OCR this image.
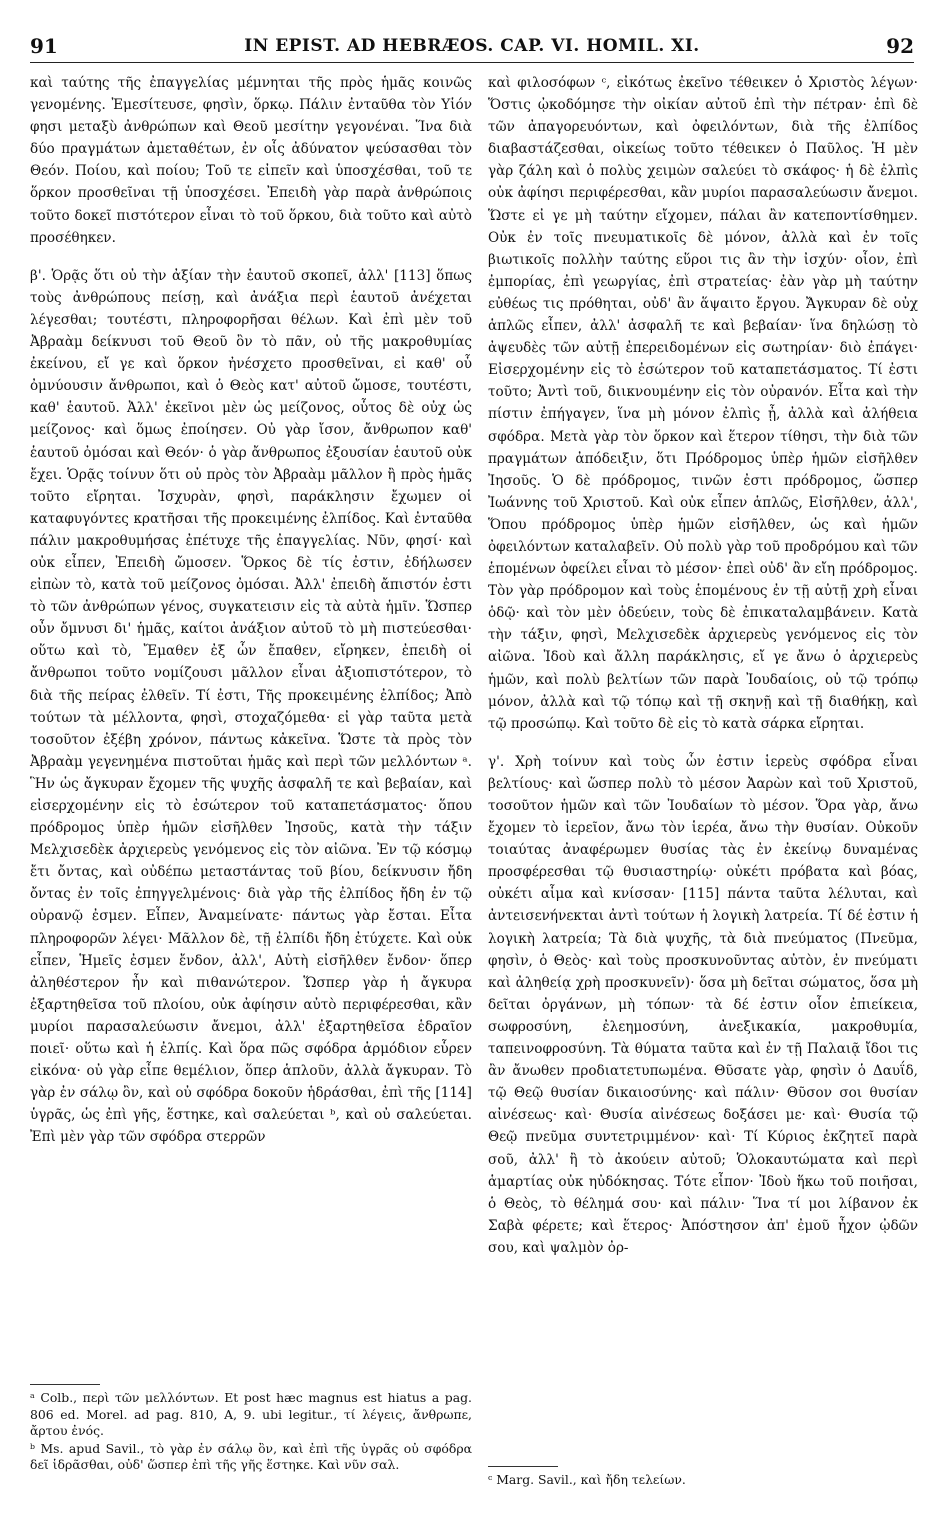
91	IN EPIST. AD HEBRÆOS. CAP. VI. HOMIL. XI.	92

καὶ ταύτης τῆς ἐπαγγελίας μέμνηται τῆς πρὸς ἡμᾶς κοινῶς γενομένης. Ἐμεσίτευσε, φησὶν, ὅρκῳ. Πάλιν ἐνταῦθα τὸν Υἱόν φησι μεταξὺ ἀνθρώπων καὶ Θεοῦ μεσίτην γεγονέναι. Ἵνα διὰ δύο πραγμάτων ἀμεταθέτων, ἐν οἷς ἀδύνατον ψεύσασθαι τὸν Θεόν. Ποίου, καὶ ποίου; Τοῦ τε εἰπεῖν καὶ ὑποσχέσθαι, τοῦ τε ὅρκον προσθεῖναι τῇ ὑποσχέσει. Ἐπειδὴ γὰρ παρὰ ἀνθρώποις τοῦτο δοκεῖ πιστότερον εἶναι τὸ τοῦ ὅρκου, διὰ τοῦτο καὶ αὐτὸ προσέθηκεν.

β'. Ὁρᾷς ὅτι οὐ τὴν ἀξίαν τὴν ἑαυτοῦ σκοπεῖ, ἀλλ' [113] ὅπως τοὺς ἀνθρώπους πείσῃ, καὶ ἀνάξια περὶ ἑαυτοῦ ἀνέχεται λέγεσθαι; τουτέστι, πληροφορῆσαι θέλων. Καὶ ἐπὶ μὲν τοῦ Ἀβραὰμ δείκνυσι τοῦ Θεοῦ ὂν τὸ πᾶν, οὐ τῆς μακροθυμίας ἐκείνου, εἴ γε καὶ ὅρκον ἠνέσχετο προσθεῖναι, εἰ καθ' οὗ ὀμνύουσιν ἄνθρωποι, καὶ ὁ Θεὸς κατ' αὐτοῦ ὤμοσε, τουτέστι, καθ' ἑαυτοῦ. Ἀλλ' ἐκεῖνοι μὲν ὡς μείζονος, οὗτος δὲ οὐχ ὡς μείζονος· καὶ ὅμως ἐποίησεν. Οὐ γὰρ ἴσον, ἄνθρωπον καθ' ἑαυτοῦ ὀμόσαι καὶ Θεόν· ὁ γὰρ ἄνθρωπος ἐξουσίαν ἑαυτοῦ οὐκ ἔχει. Ὁρᾷς τοίνυν ὅτι οὐ πρὸς τὸν Ἀβραὰμ μᾶλλον ἢ πρὸς ἡμᾶς τοῦτο εἴρηται. Ἰσχυρὰν, φησὶ, παράκλησιν ἔχωμεν οἱ καταφυγόντες κρατῆσαι τῆς προκειμένης ἐλπίδος. Καὶ ἐνταῦθα πάλιν μακροθυμήσας ἐπέτυχε τῆς ἐπαγγελίας. Νῦν, φησί· καὶ οὐκ εἶπεν, Ἐπειδὴ ὤμοσεν. Ὅρκος δὲ τίς ἐστιν, ἐδήλωσεν εἰπὼν τὸ, κατὰ τοῦ μείζονος ὀμόσαι. Ἀλλ' ἐπειδὴ ἄπιστόν ἐστι τὸ τῶν ἀνθρώπων γένος, συγκατεισιν εἰς τὰ αὐτὰ ἡμῖν. Ὥσπερ οὖν ὄμνυσι δι' ἡμᾶς, καίτοι ἀνάξιον αὐτοῦ τὸ μὴ πιστεύεσθαι· οὕτω καὶ τὸ, Ἔμαθεν ἐξ ὧν ἔπαθεν, εἴρηκεν, ἐπειδὴ οἱ ἄνθρωποι τοῦτο νομίζουσι μᾶλλον εἶναι ἀξιοπιστότερον, τὸ διὰ τῆς πείρας ἐλθεῖν. Τί ἐστι, Τῆς προκειμένης ἐλπίδος; Ἀπὸ τούτων τὰ μέλλοντα, φησὶ, στοχαζόμεθα· εἰ γὰρ ταῦτα μετὰ τοσοῦτον ἐξέβη χρόνον, πάντως κἀκεῖνα. Ὥστε τὰ πρὸς τὸν Ἀβραὰμ γεγενημένα πιστοῦται ἡμᾶς καὶ περὶ τῶν μελλόντων ᵃ. Ἣν ὡς ἄγκυραν ἔχομεν τῆς ψυχῆς ἀσφαλῆ τε καὶ βεβαίαν, καὶ εἰσερχομένην εἰς τὸ ἐσώτερον τοῦ καταπετάσματος· ὅπου πρόδρομος ὑπὲρ ἡμῶν εἰσῆλθεν Ἰησοῦς, κατὰ τὴν τάξιν Μελχισεδὲκ ἀρχιερεὺς γενόμενος εἰς τὸν αἰῶνα. Ἐν τῷ κόσμῳ ἔτι ὄντας, καὶ οὐδέπω μεταστάντας τοῦ βίου, δείκνυσιν ἤδη ὄντας ἐν τοῖς ἐπηγγελμένοις· διὰ γὰρ τῆς ἐλπίδος ἤδη ἐν τῷ οὐρανῷ ἐσμεν. Εἶπεν, Ἀναμείνατε· πάντως γὰρ ἔσται. Εἶτα πληροφορῶν λέγει· Μᾶλλον δὲ, τῇ ἐλπίδι ἤδη ἐτύχετε. Καὶ οὐκ εἶπεν, Ἡμεῖς ἐσμεν ἔνδον, ἀλλ', Αὐτὴ εἰσῆλθεν ἔνδον· ὅπερ ἀληθέστερον ἦν καὶ πιθανώτερον. Ὥσπερ γὰρ ἡ ἄγκυρα ἐξαρτηθεῖσα τοῦ πλοίου, οὐκ ἀφίησιν αὐτὸ περιφέρεσθαι, κἂν μυρίοι παρασαλεύωσιν ἄνεμοι, ἀλλ' ἐξαρτηθεῖσα ἑδραῖον ποιεῖ· οὕτω καὶ ἡ ἐλπίς. Καὶ ὅρα πῶς σφόδρα ἁρμόδιον εὗρεν εἰκόνα· οὐ γὰρ εἶπε θεμέλιον, ὅπερ ἁπλοῦν, ἀλλὰ ἄγκυραν. Τὸ γὰρ ἐν σάλῳ ὂν, καὶ οὐ σφόδρα δοκοῦν ἡδράσθαι, ἐπὶ τῆς [114] ὑγρᾶς, ὡς ἐπὶ γῆς, ἕστηκε, καὶ σαλεύεται ᵇ, καὶ οὐ σαλεύεται. Ἐπὶ μὲν γὰρ τῶν σφόδρα στερρῶν

καὶ φιλοσόφων ᶜ, εἰκότως ἐκεῖνο τέθεικεν ὁ Χριστὸς λέγων· Ὅστις ᾠκοδόμησε τὴν οἰκίαν αὐτοῦ ἐπὶ τὴν πέτραν· ἐπὶ δὲ τῶν ἀπαγορευόντων, καὶ ὀφειλόντων, διὰ τῆς ἐλπίδος διαβαστάζεσθαι, οἰκείως τοῦτο τέθεικεν ὁ Παῦλος. Ἡ μὲν γὰρ ζάλη καὶ ὁ πολὺς χειμὼν σαλεύει τὸ σκάφος· ἡ δὲ ἐλπὶς οὐκ ἀφίησι περιφέρεσθαι, κἂν μυρίοι παρασαλεύωσιν ἄνεμοι. Ὥστε εἰ γε μὴ ταύτην εἴχομεν, πάλαι ἂν κατεποντίσθημεν. Οὐκ ἐν τοῖς πνευματικοῖς δὲ μόνον, ἀλλὰ καὶ ἐν τοῖς βιωτικοῖς πολλὴν ταύτης εὕροι τις ἂν τὴν ἰσχύν· οἷον, ἐπὶ ἐμπορίας, ἐπὶ γεωργίας, ἐπὶ στρατείας· ἐὰν γὰρ μὴ ταύτην εὐθέως τις πρόθηται, οὐδ' ἂν ἅψαιτο ἔργου. Ἄγκυραν δὲ οὐχ ἁπλῶς εἶπεν, ἀλλ' ἀσφαλῆ τε καὶ βεβαίαν· ἵνα δηλώσῃ τὸ ἀψευδὲς τῶν αὐτῇ ἐπερειδομένων εἰς σωτηρίαν· διὸ ἐπάγει· Εἰσερχομένην εἰς τὸ ἐσώτερον τοῦ καταπετάσματος. Τί ἐστι τοῦτο; Ἀντὶ τοῦ, διικνουμένην εἰς τὸν οὐρανόν. Εἶτα καὶ τὴν πίστιν ἐπήγαγεν, ἵνα μὴ μόνον ἐλπὶς ᾖ, ἀλλὰ καὶ ἀλήθεια σφόδρα. Μετὰ γὰρ τὸν ὅρκον καὶ ἕτερον τίθησι, τὴν διὰ τῶν πραγμάτων ἀπόδειξιν, ὅτι Πρόδρομος ὑπὲρ ἡμῶν εἰσῆλθεν Ἰησοῦς. Ὁ δὲ πρόδρομος, τινῶν ἐστι πρόδρομος, ὥσπερ Ἰωάννης τοῦ Χριστοῦ. Καὶ οὐκ εἶπεν ἁπλῶς, Εἰσῆλθεν, ἀλλ', Ὅπου πρόδρομος ὑπὲρ ἡμῶν εἰσῆλθεν, ὡς καὶ ἡμῶν ὀφειλόντων καταλαβεῖν. Οὐ πολὺ γὰρ τοῦ προδρόμου καὶ τῶν ἑπομένων ὀφείλει εἶναι τὸ μέσον· ἐπεὶ οὐδ' ἂν εἴη πρόδρομος. Τὸν γὰρ πρόδρομον καὶ τοὺς ἑπομένους ἐν τῇ αὐτῇ χρὴ εἶναι ὁδῷ· καὶ τὸν μὲν ὁδεύειν, τοὺς δὲ ἐπικαταλαμβάνειν. Κατὰ τὴν τάξιν, φησὶ, Μελχισεδὲκ ἀρχιερεὺς γενόμενος εἰς τὸν αἰῶνα. Ἰδοὺ καὶ ἄλλη παράκλησις, εἴ γε ἄνω ὁ ἀρχιερεὺς ἡμῶν, καὶ πολὺ βελτίων τῶν παρὰ Ἰουδαίοις, οὐ τῷ τρόπῳ μόνον, ἀλλὰ καὶ τῷ τόπῳ καὶ τῇ σκηνῇ καὶ τῇ διαθήκῃ, καὶ τῷ προσώπῳ. Καὶ τοῦτο δὲ εἰς τὸ κατὰ σάρκα εἴρηται.

γ'. Χρὴ τοίνυν καὶ τοὺς ὧν ἐστιν ἱερεὺς σφόδρα εἶναι βελτίους· καὶ ὥσπερ πολὺ τὸ μέσον Ἀαρὼν καὶ τοῦ Χριστοῦ, τοσοῦτον ἡμῶν καὶ τῶν Ἰουδαίων τὸ μέσον. Ὅρα γὰρ, ἄνω ἔχομεν τὸ ἱερεῖον, ἄνω τὸν ἱερέα, ἄνω τὴν θυσίαν. Οὐκοῦν τοιαύτας ἀναφέρωμεν θυσίας τὰς ἐν ἐκείνῳ δυναμένας προσφέρεσθαι τῷ θυσιαστηρίῳ· οὐκέτι πρόβατα καὶ βόας, οὐκέτι αἷμα καὶ κνίσσαν· [115] πάντα ταῦτα λέλυται, καὶ ἀντεισενήνεκται ἀντὶ τούτων ἡ λογικὴ λατρεία. Τί δέ ἐστιν ἡ λογικὴ λατρεία; Τὰ διὰ ψυχῆς, τὰ διὰ πνεύματος (Πνεῦμα, φησὶν, ὁ Θεὸς· καὶ τοὺς προσκυνοῦντας αὐτὸν, ἐν πνεύματι καὶ ἀληθείᾳ χρὴ προσκυνεῖν)· ὅσα μὴ δεῖται σώματος, ὅσα μὴ δεῖται ὀργάνων, μὴ τόπων· τὰ δέ ἐστιν οἷον ἐπιείκεια, σωφροσύνη, ἐλεημοσύνη, ἀνεξικακία, μακροθυμία, ταπεινοφροσύνη. Τὰ θύματα ταῦτα καὶ ἐν τῇ Παλαιᾷ ἴδοι τις ἂν ἄνωθεν προδιατετυπωμένα. Θῦσατε γὰρ, φησὶν ὁ Δαυΐδ, τῷ Θεῷ θυσίαν δικαιοσύνης· καὶ πάλιν· Θῦσον σοι θυσίαν αἰνέσεως· καὶ· Θυσία αἰνέσεως δοξάσει με· καὶ· Θυσία τῷ Θεῷ πνεῦμα συντετριμμένον· καὶ· Τί Κύριος ἐκζητεῖ παρὰ σοῦ, ἀλλ' ἢ τὸ ἀκούειν αὐτοῦ; Ὁλοκαυτώματα καὶ περὶ ἁμαρτίας οὐκ ηὐδόκησας. Τότε εἶπον· Ἰδοὺ ἥκω τοῦ ποιῆσαι, ὁ Θεὸς, τὸ θέλημά σου· καὶ πάλιν· Ἵνα τί μοι λίβανον ἐκ Σαβὰ φέρετε; καὶ ἕτερος· Ἀπόστησον ἀπ' ἐμοῦ ἦχον ᾠδῶν σου, καὶ ψαλμὸν ὀρ-

ᵃ Colb., περὶ τῶν μελλόντων. Et post hæc magnus est hiatus a pag. 806 ed. Morel. ad pag. 810, A, 9. ubi legitur., τί λέγεις, ἄνθρωπε, ἄρτου ἐνός.

ᵇ Ms. apud Savil., τὸ γὰρ ἐν σάλῳ ὂν, καὶ ἐπὶ τῆς ὑγρᾶς οὐ σφόδρα δεῖ ἱδρᾶσθαι, οὐδ' ὥσπερ ἐπὶ τῆς γῆς ἕστηκε. Καὶ νῦν σαλ.

ᶜ Marg. Savil., καὶ ἤδη τελείων.
